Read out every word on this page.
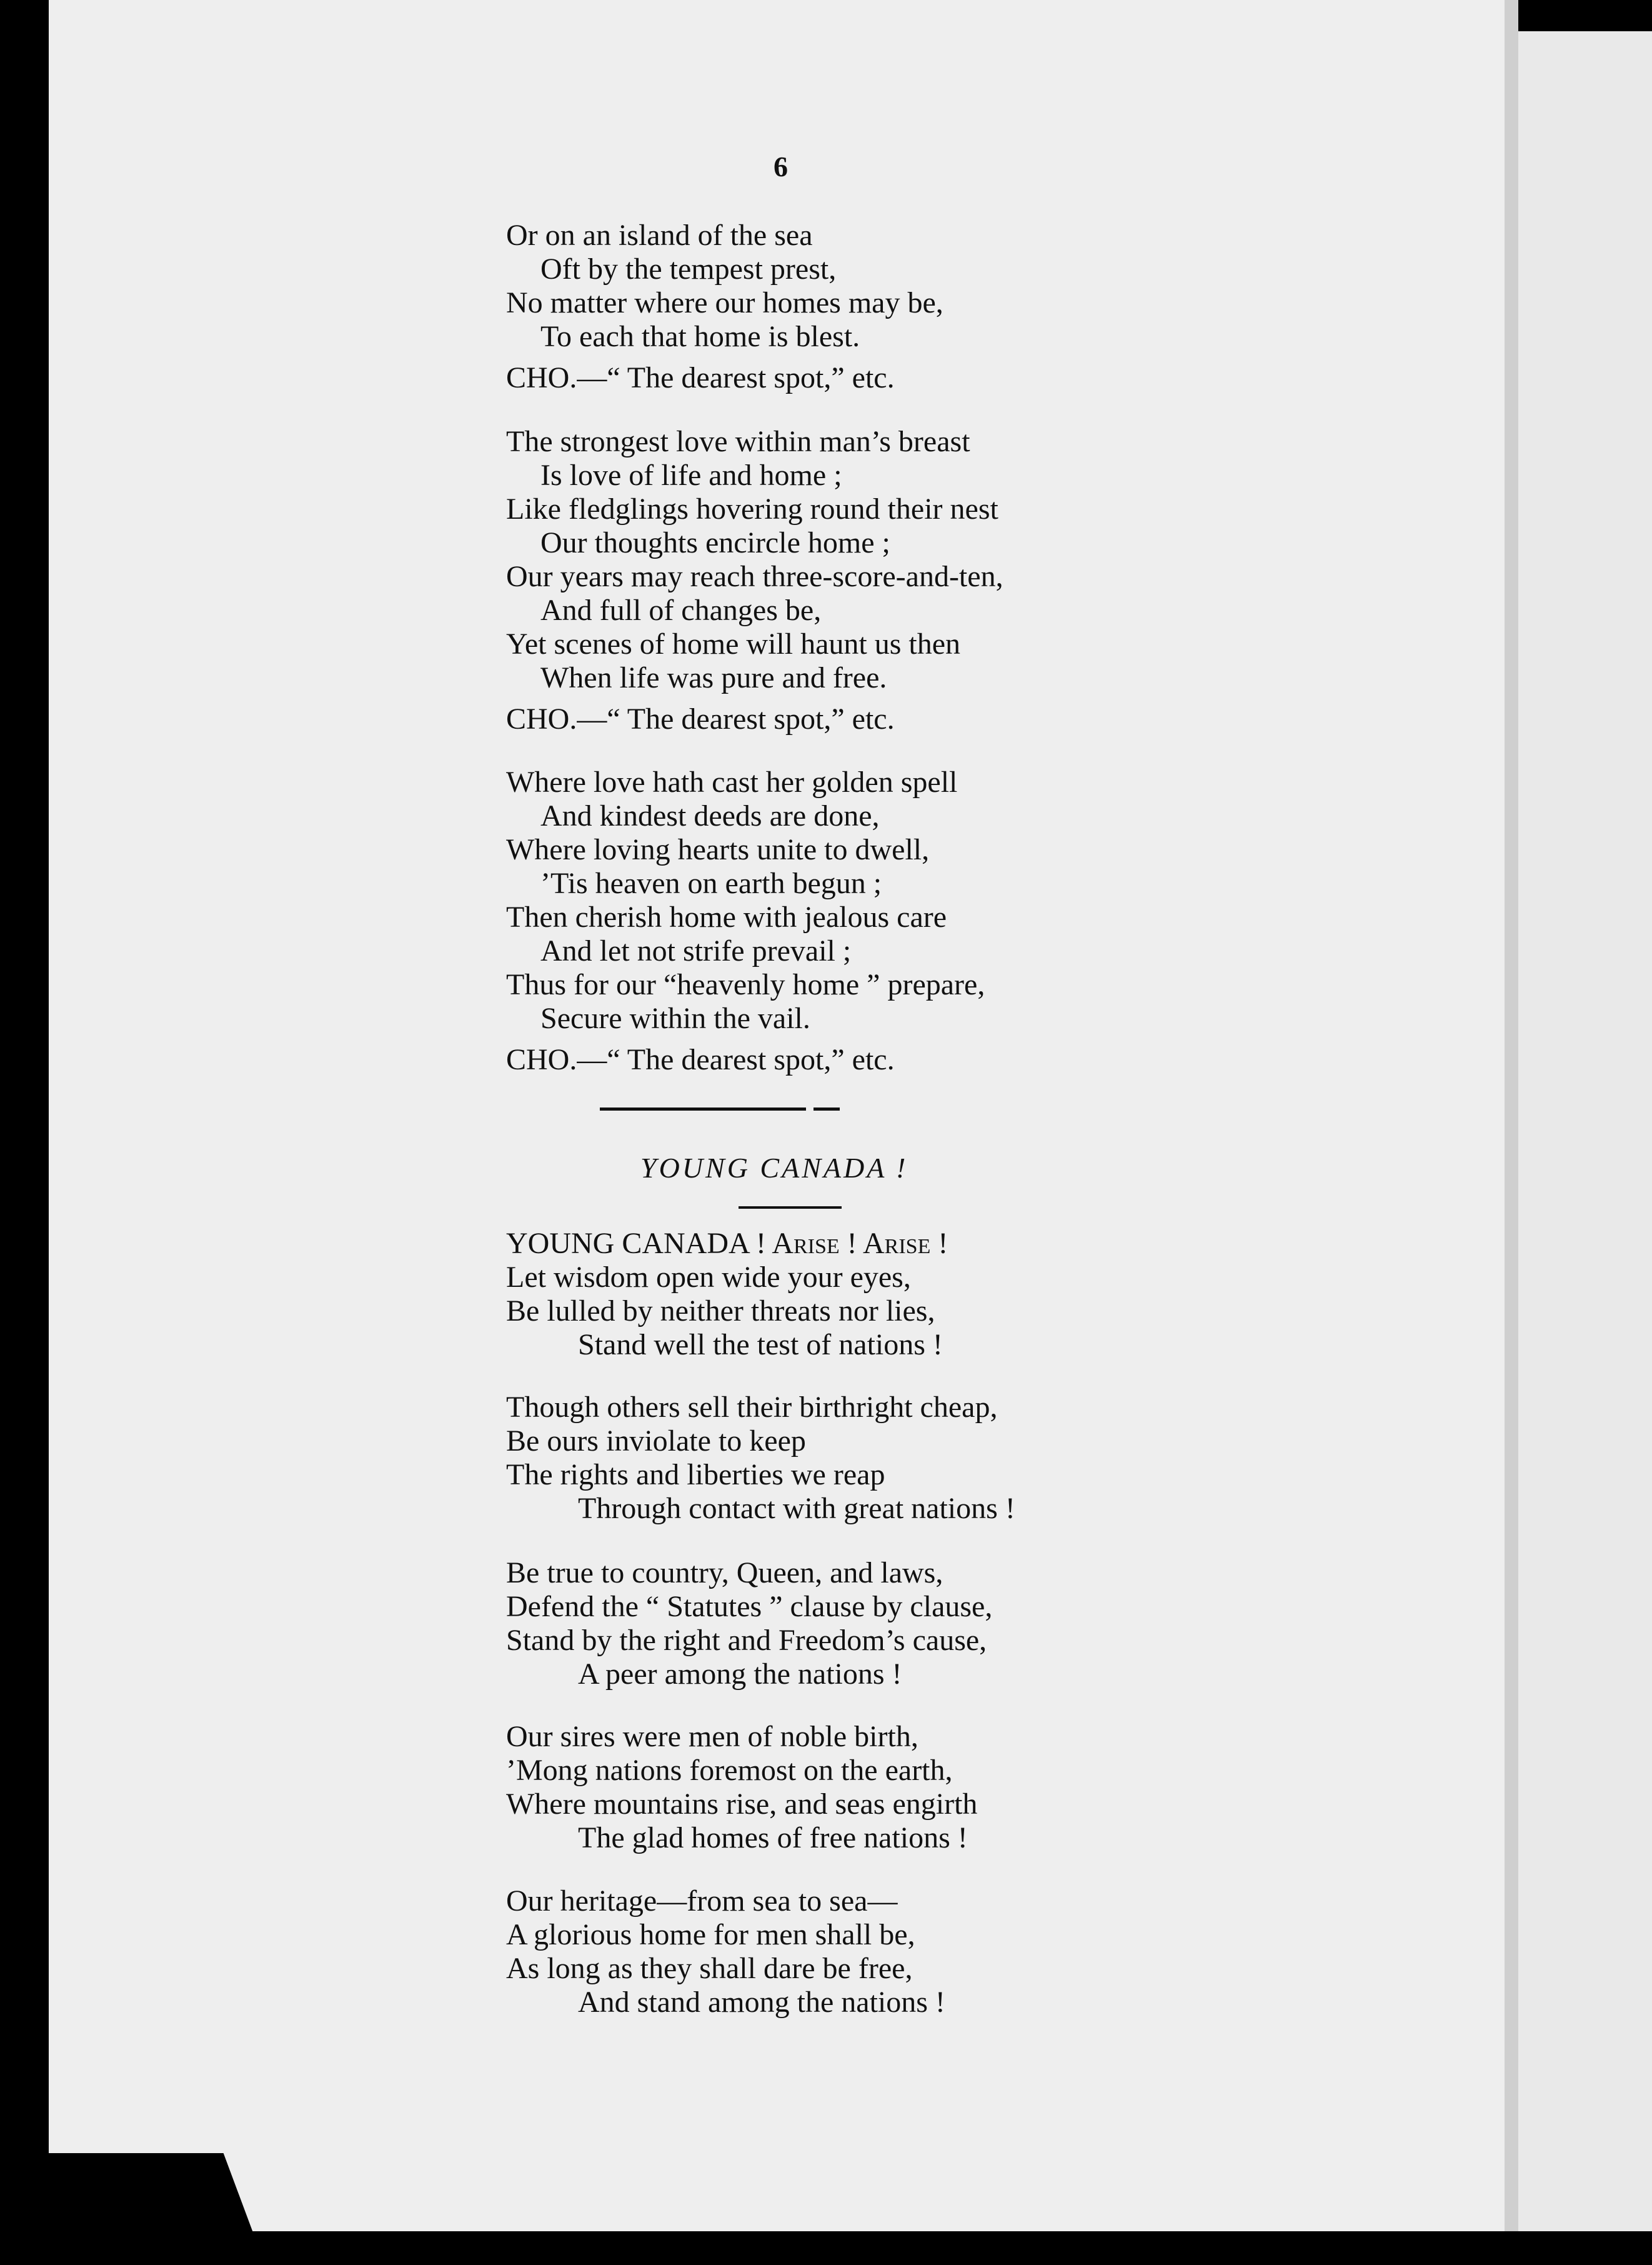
6
Or on an island of the sea
Oft by the tempest prest,
No matter where our homes may be,
To each that home is blest.
CHO.—“ The dearest spot,” etc.
The strongest love within man’s breast
Is love of life and home ;
Like fledglings hovering round their nest
Our thoughts encircle home ;
Our years may reach three-score-and-ten,
And full of changes be,
Yet scenes of home will haunt us then
When life was pure and free.
CHO.—“ The dearest spot,” etc.
Where love hath cast her golden spell
And kindest deeds are done,
Where loving hearts unite to dwell,
’Tis heaven on earth begun ;
Then cherish home with jealous care
And let not strife prevail ;
Thus for our “heavenly home ” prepare,
Secure within the vail.
CHO.—“ The dearest spot,” etc.
YOUNG CANADA !
YOUNG CANADA ! Arise ! Arise !
Let wisdom open wide your eyes,
Be lulled by neither threats nor lies,
Stand well the test of nations !
Though others sell their birthright cheap,
Be ours inviolate to keep
The rights and liberties we reap
Through contact with great nations !
Be true to country, Queen, and laws,
Defend the “ Statutes ” clause by clause,
Stand by the right and Freedom’s cause,
A peer among the nations !
Our sires were men of noble birth,
’Mong nations foremost on the earth,
Where mountains rise, and seas engirth
The glad homes of free nations !
Our heritage—from sea to sea—
A glorious home for men shall be,
As long as they shall dare be free,
And stand among the nations !
